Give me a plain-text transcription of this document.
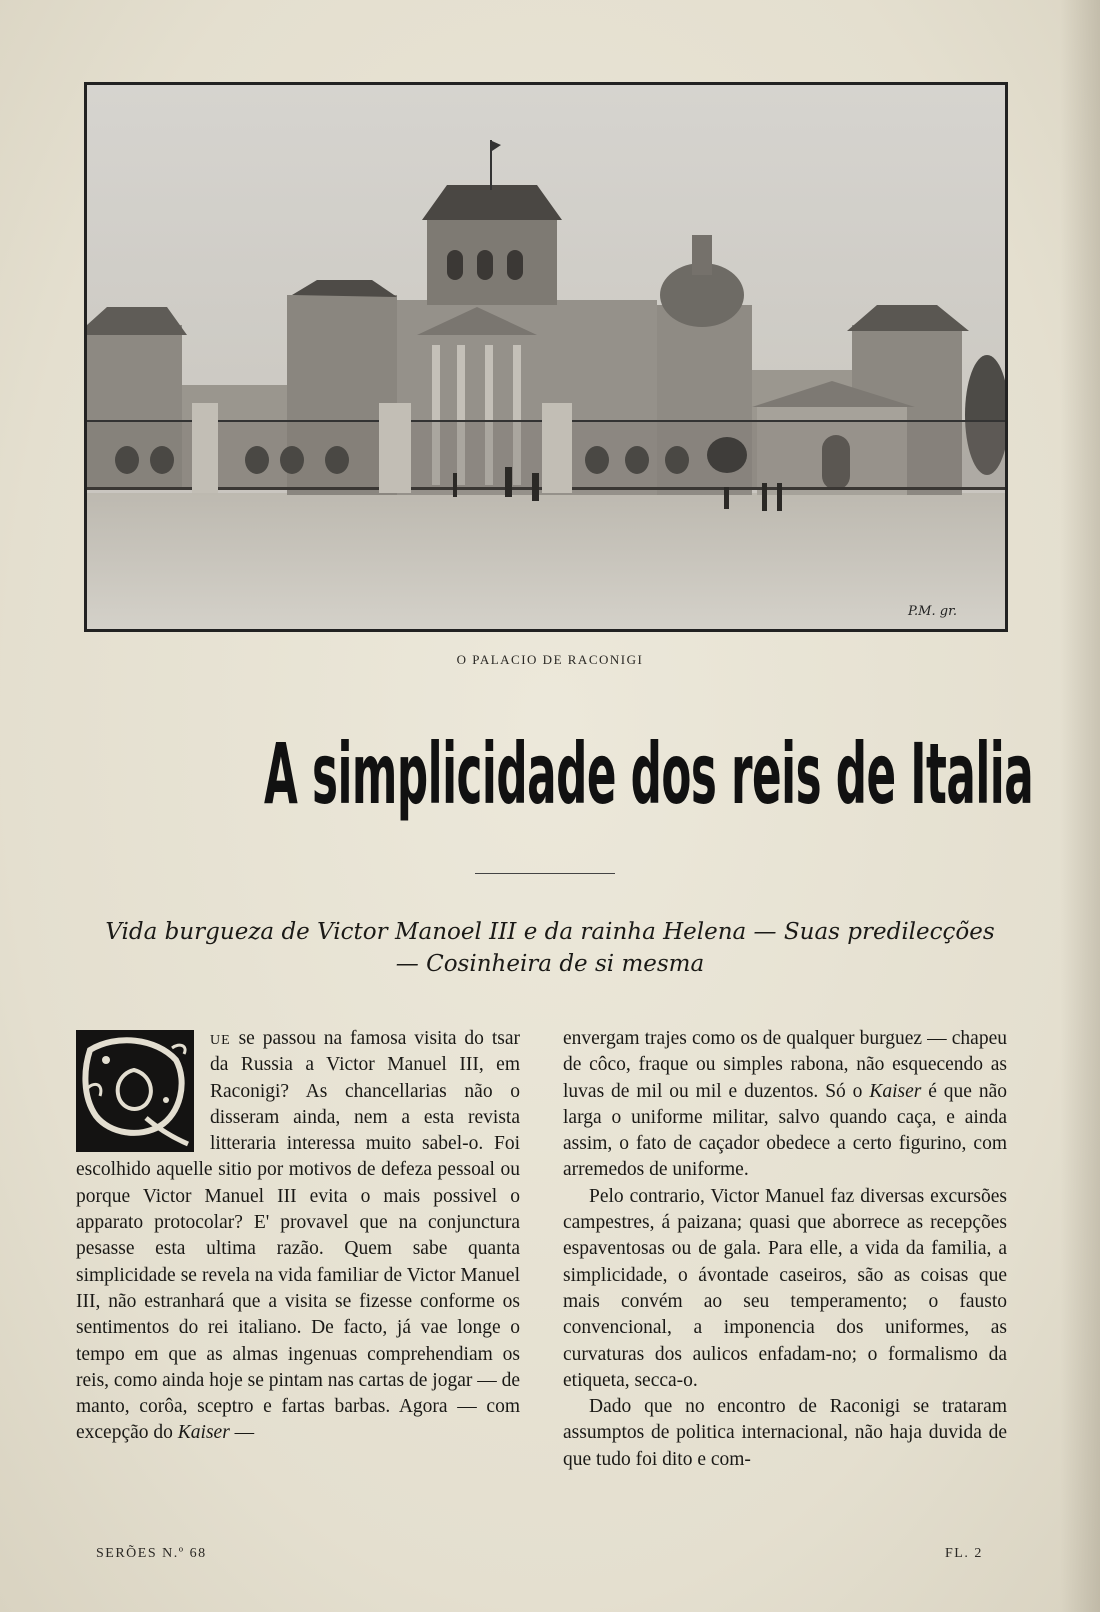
P.M. gr.
O PALACIO DE RACONIGI
A simplicidade dos reis de Italia
Vida burgueza de Victor Manoel III e da rainha Helena — Suas predilecções
— Cosinheira de si mesma

ue se passou na famosa visita do tsar da Russia a Victor Manuel III, em Raconigi? As chancellarias não o disseram ainda, nem a esta revista litteraria interessa muito sabel-o. Foi escolhido aquelle sitio por motivos de defeza pessoal ou porque Victor Manuel III evita o mais possivel o apparato protocolar? E' provavel que na conjunctura pesasse esta ultima razão. Quem sabe quanta simplicidade se revela na vida familiar de Victor Manuel III, não estranhará que a visita se fizesse conforme os sentimentos do rei italiano. De facto, já vae longe o tempo em que as almas ingenuas comprehendiam os reis, como ainda hoje se pintam nas cartas de jogar — de manto, corôa, sceptro e fartas barbas. Agora — com excepção do Kaiser —

envergam trajes como os de qualquer burguez — chapeu de côco, fraque ou simples rabona, não esquecendo as luvas de mil ou mil e duzentos. Só o Kaiser é que não larga o uniforme militar, salvo quando caça, e ainda assim, o fato de caçador obedece a certo figurino, com arremedos de uniforme.

Pelo contrario, Victor Manuel faz diversas excursões campestres, á paizana; quasi que aborrece as recepções espaventosas ou de gala. Para elle, a vida da familia, a simplicidade, o ávontade caseiros, são as coisas que mais convém ao seu temperamento; o fausto convencional, a imponencia dos uniformes, as curvaturas dos aulicos enfadam-no; o formalismo da etiqueta, secca-o.

Dado que no encontro de Raconigi se trataram assumptos de politica internacional, não haja duvida de que tudo foi dito e com-

SERÕES N.º 68	FL. 2
